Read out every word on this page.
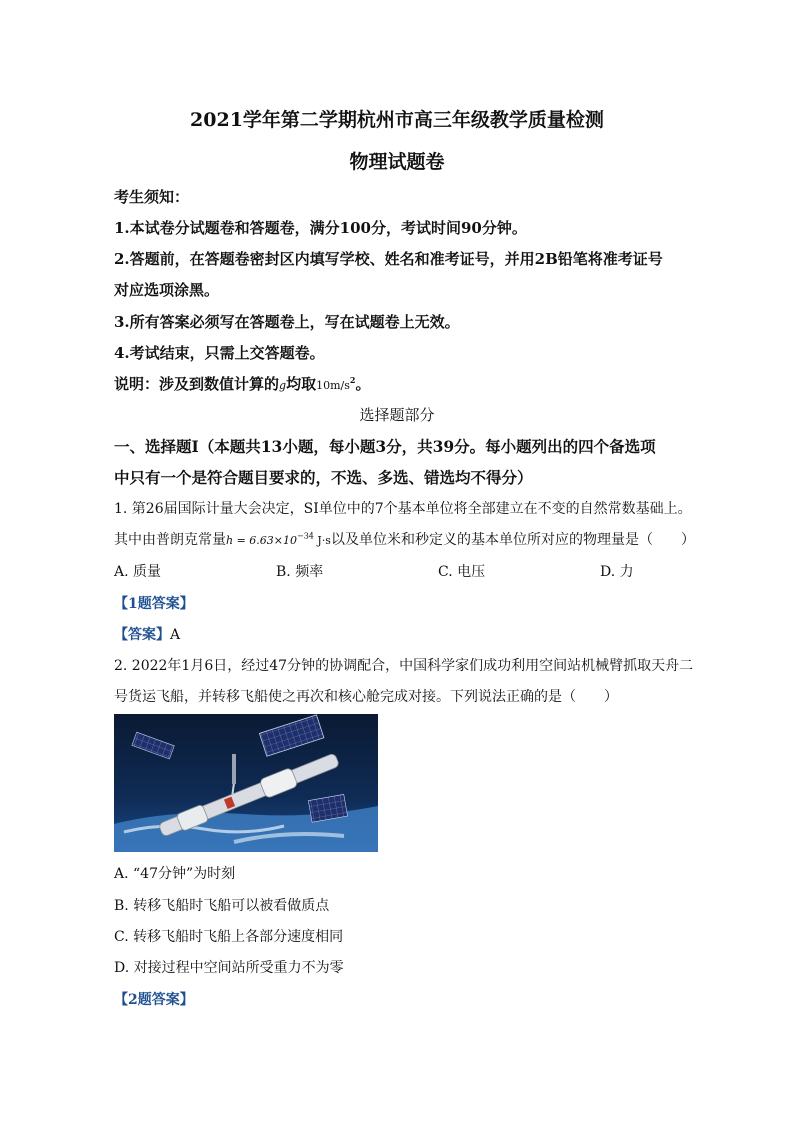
2021学年第二学期杭州市高三年级教学质量检测
物理试题卷
考生须知：
1.本试卷分试题卷和答题卷，满分100分，考试时间90分钟。
2.答题前，在答题卷密封区内填写学校、姓名和准考证号，并用2B铅笔将准考证号
对应选项涂黑。
3.所有答案必须写在答题卷上，写在试题卷上无效。
4.考试结束，只需上交答题卷。
说明：涉及到数值计算的g均取$10m/s^2$。
选择题部分
一、选择题Ⅰ（本题共13小题，每小题3分，共39分。每小题列出的四个备选项
中只有一个是符合题目要求的，不选、多选、错选均不得分）
1. 第26届国际计量大会决定，SI单位中的7个基本单位将全部建立在不变的自然常数基础上。
其中由普朗克常量$h = 6.63\times 10^{-34}$ J·s以及单位米和秒定义的基本单位所对应的物理量是（　　）
A. 质量	B. 频率	C. 电压	D. 力
【1题答案】
【答案】A
2. 2022年1月6日，经过47分钟的协调配合，中国科学家们成功利用空间站机械臂抓取天舟二
号货运飞船，并转移飞船使之再次和核心舱完成对接。下列说法正确的是（　　）
A. “47分钟”为时刻
B. 转移飞船时飞船可以被看做质点
C. 转移飞船时飞船上各部分速度相同
D. 对接过程中空间站所受重力不为零
【2题答案】
